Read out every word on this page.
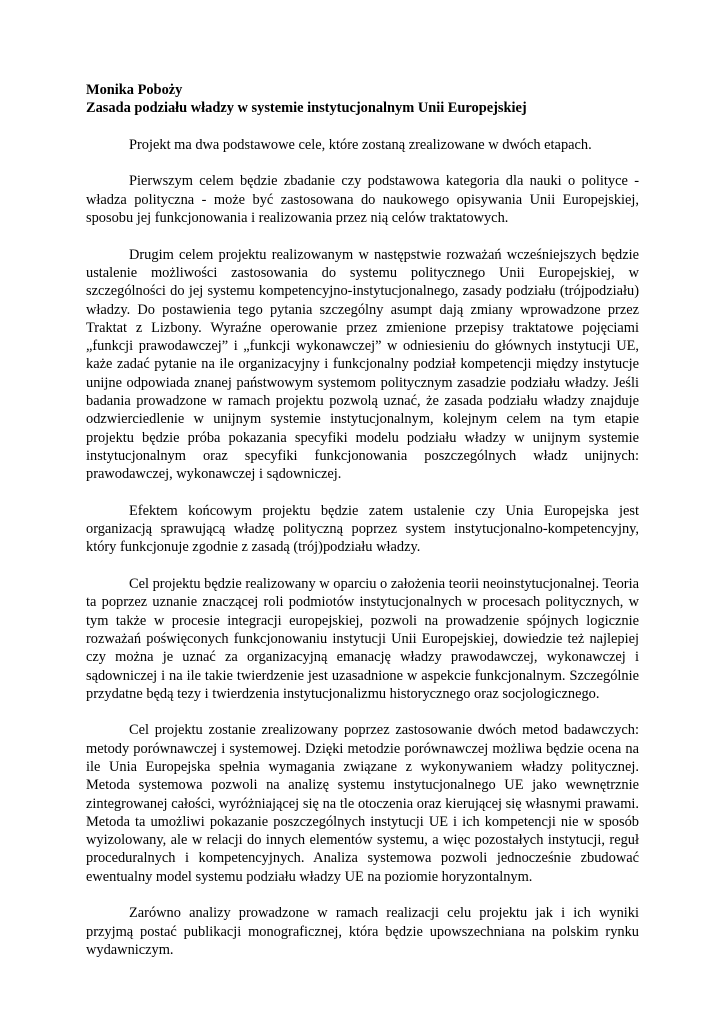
Monika Poboży

Zasada podziału władzy w systemie instytucjonalnym Unii Europejskiej

Projekt ma dwa podstawowe cele, które zostaną zrealizowane w dwóch etapach.

Pierwszym celem będzie zbadanie czy podstawowa kategoria dla nauki o polityce - władza polityczna - może być zastosowana do naukowego opisywania Unii Europejskiej, sposobu jej funkcjonowania i realizowania przez nią celów traktatowych.

Drugim celem projektu realizowanym w następstwie rozważań wcześniejszych będzie ustalenie możliwości zastosowania do systemu politycznego Unii Europejskiej, w szczególności do jej systemu kompetencyjno-instytucjonalnego, zasady podziału (trójpodziału) władzy. Do postawienia tego pytania szczególny asumpt dają zmiany wprowadzone przez Traktat z Lizbony. Wyraźne operowanie przez zmienione przepisy traktatowe pojęciami „funkcji prawodawczej” i „funkcji wykonawczej” w odniesieniu do głównych instytucji UE, każe zadać pytanie na ile organizacyjny i funkcjonalny podział kompetencji między instytucje unijne odpowiada znanej państwowym systemom politycznym zasadzie podziału władzy. Jeśli badania prowadzone w ramach projektu pozwolą uznać, że zasada podziału władzy znajduje odzwierciedlenie w unijnym systemie instytucjonalnym, kolejnym celem na tym etapie projektu będzie próba pokazania specyfiki modelu podziału władzy w unijnym systemie instytucjonalnym oraz specyfiki funkcjonowania poszczególnych władz unijnych: prawodawczej, wykonawczej i sądowniczej.

Efektem końcowym projektu będzie zatem ustalenie czy Unia Europejska jest organizacją sprawującą władzę polityczną poprzez system instytucjonalno-kompetencyjny, który funkcjonuje zgodnie z zasadą (trój)podziału władzy.

Cel projektu będzie realizowany w oparciu o założenia teorii neoinstytucjonalnej. Teoria ta poprzez uznanie znaczącej roli podmiotów instytucjonalnych w procesach politycznych, w tym także w procesie integracji europejskiej, pozwoli na prowadzenie spójnych logicznie rozważań poświęconych funkcjonowaniu instytucji Unii Europejskiej, dowiedzie też najlepiej czy można je uznać za organizacyjną emanację władzy prawodawczej, wykonawczej i sądowniczej i na ile takie twierdzenie jest uzasadnione w aspekcie funkcjonalnym. Szczególnie przydatne będą tezy i twierdzenia instytucjonalizmu historycznego oraz socjologicznego.

Cel projektu zostanie zrealizowany poprzez zastosowanie dwóch metod badawczych: metody porównawczej i systemowej. Dzięki metodzie porównawczej możliwa będzie ocena na ile Unia Europejska spełnia wymagania związane z wykonywaniem władzy politycznej. Metoda systemowa pozwoli na analizę systemu instytucjonalnego UE jako wewnętrznie zintegrowanej całości, wyróżniającej się na tle otoczenia oraz kierującej się własnymi prawami. Metoda ta umożliwi pokazanie poszczególnych instytucji UE i ich kompetencji nie w sposób wyizolowany, ale w relacji do innych elementów systemu, a więc pozostałych instytucji, reguł proceduralnych i kompetencyjnych. Analiza systemowa pozwoli jednocześnie zbudować ewentualny model systemu podziału władzy UE na poziomie horyzontalnym.

Zarówno analizy prowadzone w ramach realizacji celu projektu jak i ich wyniki przyjmą postać publikacji monograficznej, która będzie upowszechniana na polskim rynku wydawniczym.
